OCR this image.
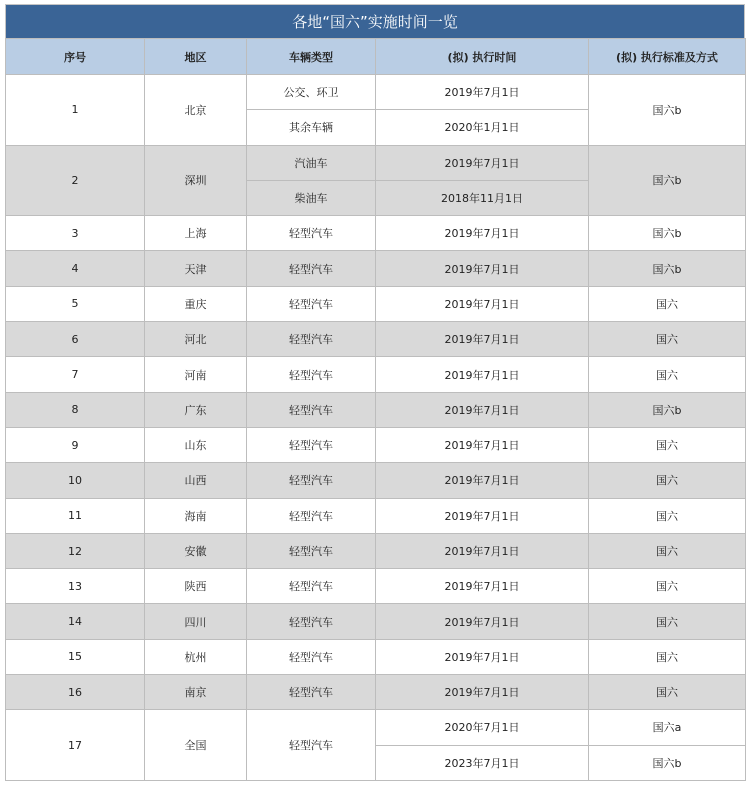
各地“国六”实施时间一览
序号	地区	车辆类型	(拟) 执行时间	(拟) 执行标准及方式
1	北京	公交、环卫	2019年7月1日	国六b
		其余车辆	2020年1月1日	
2	深圳	汽油车	2019年7月1日	国六b
		柴油车	2018年11月1日	
3	上海	轻型汽车	2019年7月1日	国六b
4	天津	轻型汽车	2019年7月1日	国六b
5	重庆	轻型汽车	2019年7月1日	国六
6	河北	轻型汽车	2019年7月1日	国六
7	河南	轻型汽车	2019年7月1日	国六
8	广东	轻型汽车	2019年7月1日	国六b
9	山东	轻型汽车	2019年7月1日	国六
10	山西	轻型汽车	2019年7月1日	国六
11	海南	轻型汽车	2019年7月1日	国六
12	安徽	轻型汽车	2019年7月1日	国六
13	陕西	轻型汽车	2019年7月1日	国六
14	四川	轻型汽车	2019年7月1日	国六
15	杭州	轻型汽车	2019年7月1日	国六
16	南京	轻型汽车	2019年7月1日	国六
17	全国	轻型汽车	2020年7月1日	国六a
			2023年7月1日	国六b
